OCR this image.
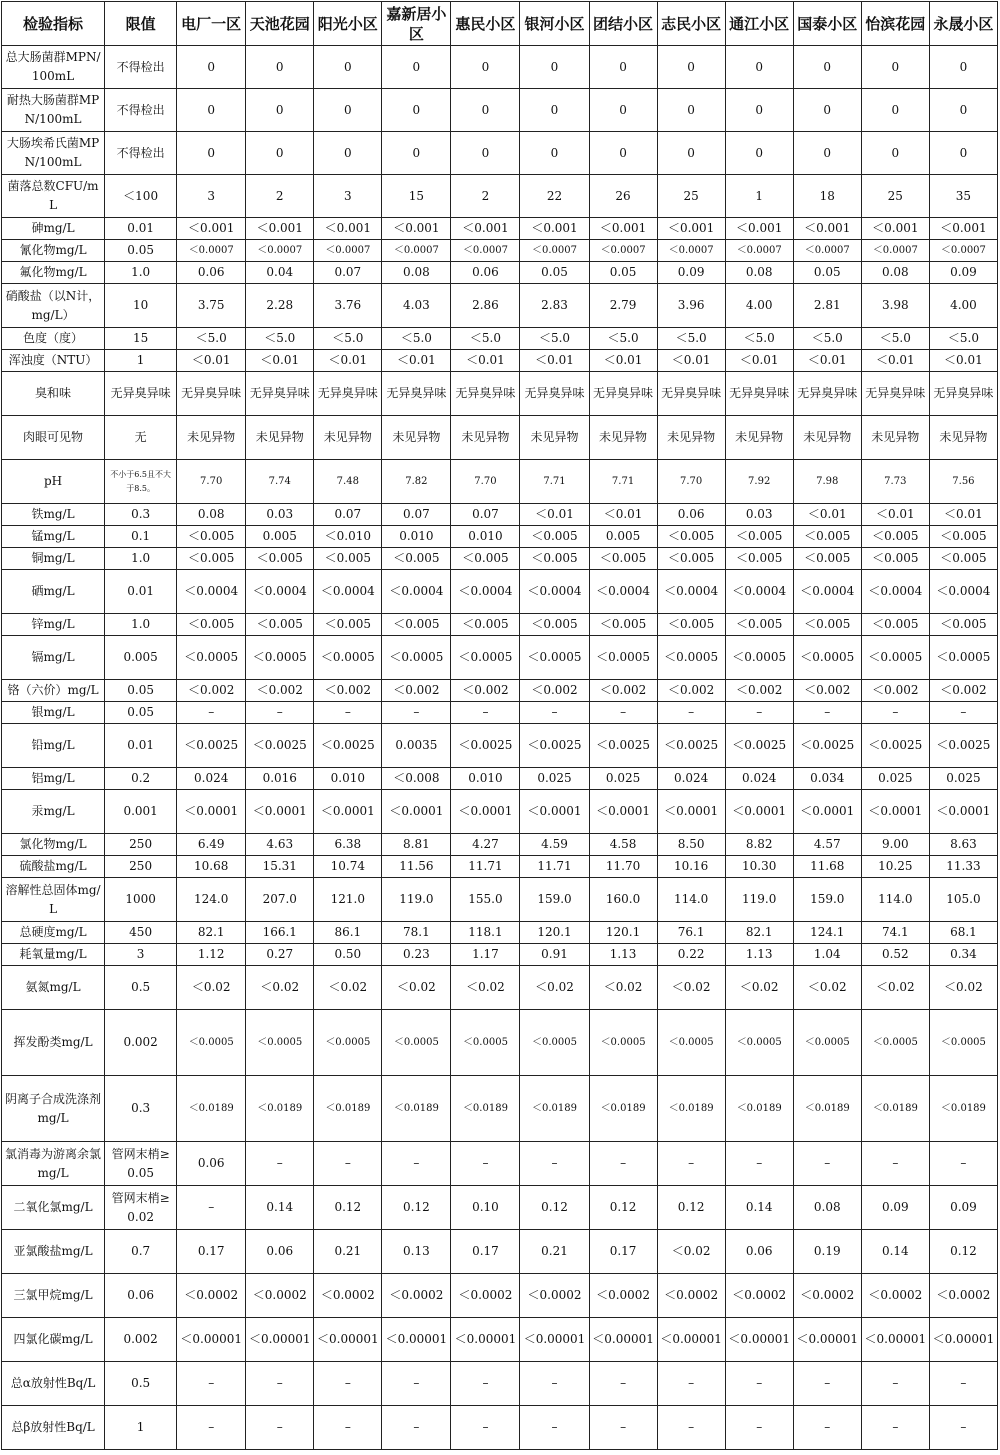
检验指标	限值	电厂一区	天池花园	阳光小区	嘉新居小区	惠民小区	银河小区	团结小区	志民小区	通江小区	国泰小区	怡滨花园	永晟小区
总大肠菌群MPN/100mL	不得检出	0	0	0	0	0	0	0	0	0	0	0	0
耐热大肠菌群MPN/100mL	不得检出	0	0	0	0	0	0	0	0	0	0	0	0
大肠埃希氏菌MPN/100mL	不得检出	0	0	0	0	0	0	0	0	0	0	0	0
菌落总数CFU/mL	＜100	3	2	3	15	2	22	26	25	1	18	25	35
砷mg/L	0.01	＜0.001	＜0.001	＜0.001	＜0.001	＜0.001	＜0.001	＜0.001	＜0.001	＜0.001	＜0.001	＜0.001	＜0.001
氰化物mg/L	0.05	＜0.0007	＜0.0007	＜0.0007	＜0.0007	＜0.0007	＜0.0007	＜0.0007	＜0.0007	＜0.0007	＜0.0007	＜0.0007	＜0.0007
氟化物mg/L	1.0	0.06	0.04	0.07	0.08	0.06	0.05	0.05	0.09	0.08	0.05	0.08	0.09
硝酸盐（以N计，mg/L）	10	3.75	2.28	3.76	4.03	2.86	2.83	2.79	3.96	4.00	2.81	3.98	4.00
色度（度）	15	＜5.0	＜5.0	＜5.0	＜5.0	＜5.0	＜5.0	＜5.0	＜5.0	＜5.0	＜5.0	＜5.0	＜5.0
浑浊度（NTU）	1	＜0.01	＜0.01	＜0.01	＜0.01	＜0.01	＜0.01	＜0.01	＜0.01	＜0.01	＜0.01	＜0.01	＜0.01
臭和味	无异臭异味	无异臭异味	无异臭异味	无异臭异味	无异臭异味	无异臭异味	无异臭异味	无异臭异味	无异臭异味	无异臭异味	无异臭异味	无异臭异味	无异臭异味
肉眼可见物	无	未见异物	未见异物	未见异物	未见异物	未见异物	未见异物	未见异物	未见异物	未见异物	未见异物	未见异物	未见异物
pH	不小于6.5且不大于8.5。	7.70	7.74	7.48	7.82	7.70	7.71	7.71	7.70	7.92	7.98	7.73	7.56
铁mg/L	0.3	0.08	0.03	0.07	0.07	0.07	＜0.01	＜0.01	0.06	0.03	＜0.01	＜0.01	＜0.01
锰mg/L	0.1	＜0.005	0.005	＜0.010	0.010	0.010	＜0.005	0.005	＜0.005	＜0.005	＜0.005	＜0.005	＜0.005
铜mg/L	1.0	＜0.005	＜0.005	＜0.005	＜0.005	＜0.005	＜0.005	＜0.005	＜0.005	＜0.005	＜0.005	＜0.005	＜0.005
硒mg/L	0.01	＜0.0004	＜0.0004	＜0.0004	＜0.0004	＜0.0004	＜0.0004	＜0.0004	＜0.0004	＜0.0004	＜0.0004	＜0.0004	＜0.0004
锌mg/L	1.0	＜0.005	＜0.005	＜0.005	＜0.005	＜0.005	＜0.005	＜0.005	＜0.005	＜0.005	＜0.005	＜0.005	＜0.005
镉mg/L	0.005	＜0.0005	＜0.0005	＜0.0005	＜0.0005	＜0.0005	＜0.0005	＜0.0005	＜0.0005	＜0.0005	＜0.0005	＜0.0005	＜0.0005
铬（六价）mg/L	0.05	＜0.002	＜0.002	＜0.002	＜0.002	＜0.002	＜0.002	＜0.002	＜0.002	＜0.002	＜0.002	＜0.002	＜0.002
银mg/L	0.05	–	–	–	–	–	–	–	–	–	–	–	–
铅mg/L	0.01	＜0.0025	＜0.0025	＜0.0025	0.0035	＜0.0025	＜0.0025	＜0.0025	＜0.0025	＜0.0025	＜0.0025	＜0.0025	＜0.0025
铝mg/L	0.2	0.024	0.016	0.010	＜0.008	0.010	0.025	0.025	0.024	0.024	0.034	0.025	0.025
汞mg/L	0.001	＜0.0001	＜0.0001	＜0.0001	＜0.0001	＜0.0001	＜0.0001	＜0.0001	＜0.0001	＜0.0001	＜0.0001	＜0.0001	＜0.0001
氯化物mg/L	250	6.49	4.63	6.38	8.81	4.27	4.59	4.58	8.50	8.82	4.57	9.00	8.63
硫酸盐mg/L	250	10.68	15.31	10.74	11.56	11.71	11.71	11.70	10.16	10.30	11.68	10.25	11.33
溶解性总固体mg/L	1000	124.0	207.0	121.0	119.0	155.0	159.0	160.0	114.0	119.0	159.0	114.0	105.0
总硬度mg/L	450	82.1	166.1	86.1	78.1	118.1	120.1	120.1	76.1	82.1	124.1	74.1	68.1
耗氧量mg/L	3	1.12	0.27	0.50	0.23	1.17	0.91	1.13	0.22	1.13	1.04	0.52	0.34
氨氮mg/L	0.5	＜0.02	＜0.02	＜0.02	＜0.02	＜0.02	＜0.02	＜0.02	＜0.02	＜0.02	＜0.02	＜0.02	＜0.02
挥发酚类mg/L	0.002	＜0.0005	＜0.0005	＜0.0005	＜0.0005	＜0.0005	＜0.0005	＜0.0005	＜0.0005	＜0.0005	＜0.0005	＜0.0005	＜0.0005
阴离子合成洗涤剂mg/L	0.3	＜0.0189	＜0.0189	＜0.0189	＜0.0189	＜0.0189	＜0.0189	＜0.0189	＜0.0189	＜0.0189	＜0.0189	＜0.0189	＜0.0189
氯消毒为游离余氯mg/L	管网末梢≥0.05	0.06	–	–	–	–	–	–	–	–	–	–	–
二氧化氯mg/L	管网末梢≥0.02	–	0.14	0.12	0.12	0.10	0.12	0.12	0.12	0.14	0.08	0.09	0.09
亚氯酸盐mg/L	0.7	0.17	0.06	0.21	0.13	0.17	0.21	0.17	＜0.02	0.06	0.19	0.14	0.12
三氯甲烷mg/L	0.06	＜0.0002	＜0.0002	＜0.0002	＜0.0002	＜0.0002	＜0.0002	＜0.0002	＜0.0002	＜0.0002	＜0.0002	＜0.0002	＜0.0002
四氯化碳mg/L	0.002	＜0.00001	＜0.00001	＜0.00001	＜0.00001	＜0.00001	＜0.00001	＜0.00001	＜0.00001	＜0.00001	＜0.00001	＜0.00001	＜0.00001
总α放射性Bq/L	0.5	–	–	–	–	–	–	–	–	–	–	–	–
总β放射性Bq/L	1	–	–	–	–	–	–	–	–	–	–	–	–
